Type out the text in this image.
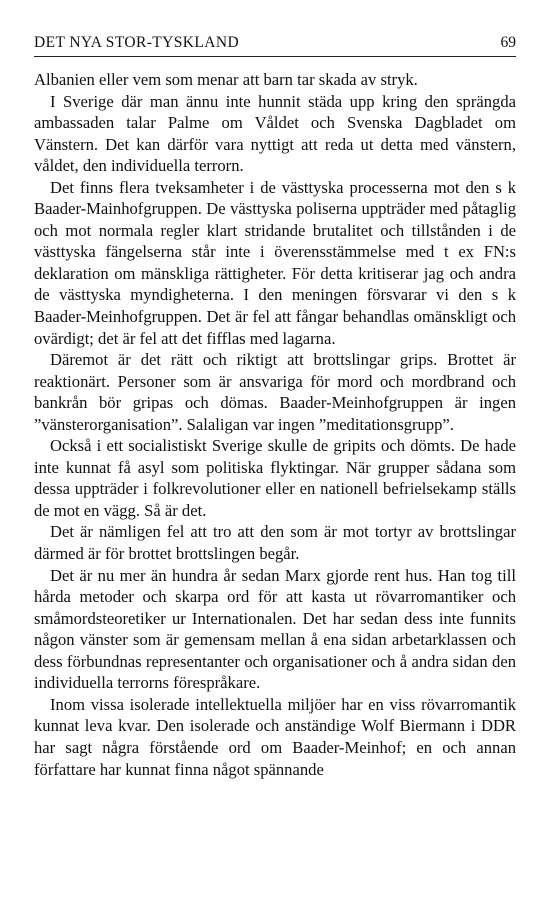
DET NYA STOR-TYSKLAND	69

Albanien eller vem som menar att barn tar skada av stryk.

I Sverige där man ännu inte hunnit städa upp kring den sprängda ambassaden talar Palme om Våldet och Svenska Dagbladet om Vänstern. Det kan därför vara nyttigt att reda ut detta med vänstern, våldet, den individuella terrorn.

Det finns flera tveksamheter i de västtyska processerna mot den s k Baader-Mainhofgruppen. De västtyska poliserna uppträder med påtaglig och mot normala regler klart stridande brutalitet och tillstånden i de västtyska fängelserna står inte i överensstämmelse med t ex FN:s deklaration om mänskliga rättigheter. För detta kritiserar jag och andra de västtyska myndigheterna. I den meningen försvarar vi den s k Baader-Meinhofgruppen. Det är fel att fångar behandlas omänskligt och ovärdigt; det är fel att det fifflas med lagarna.

Däremot är det rätt och riktigt att brottslingar grips. Brottet är reaktionärt. Personer som är ansvariga för mord och mordbrand och bankrån bör gripas och dömas. Baader-Meinhofgruppen är ingen ”vänsterorganisation”. Salaligan var ingen ”meditationsgrupp”.

Också i ett socialistiskt Sverige skulle de gripits och dömts. De hade inte kunnat få asyl som politiska flyktingar. När grupper sådana som dessa uppträder i folkrevolutioner eller en nationell befrielsekamp ställs de mot en vägg. Så är det.

Det är nämligen fel att tro att den som är mot tortyr av brottslingar därmed är för brottet brottslingen begår.

Det är nu mer än hundra år sedan Marx gjorde rent hus. Han tog till hårda metoder och skarpa ord för att kasta ut rövarromantiker och småmordsteoretiker ur Internationalen. Det har sedan dess inte funnits någon vänster som är gemensam mellan å ena sidan arbetarklassen och dess förbundnas representanter och organisationer och å andra sidan den individuella terrorns förespråkare.

Inom vissa isolerade intellektuella miljöer har en viss rövarromantik kunnat leva kvar. Den isolerade och anständige Wolf Biermann i DDR har sagt några förstående ord om Baader-Meinhof; en och annan författare har kunnat finna något spännande
